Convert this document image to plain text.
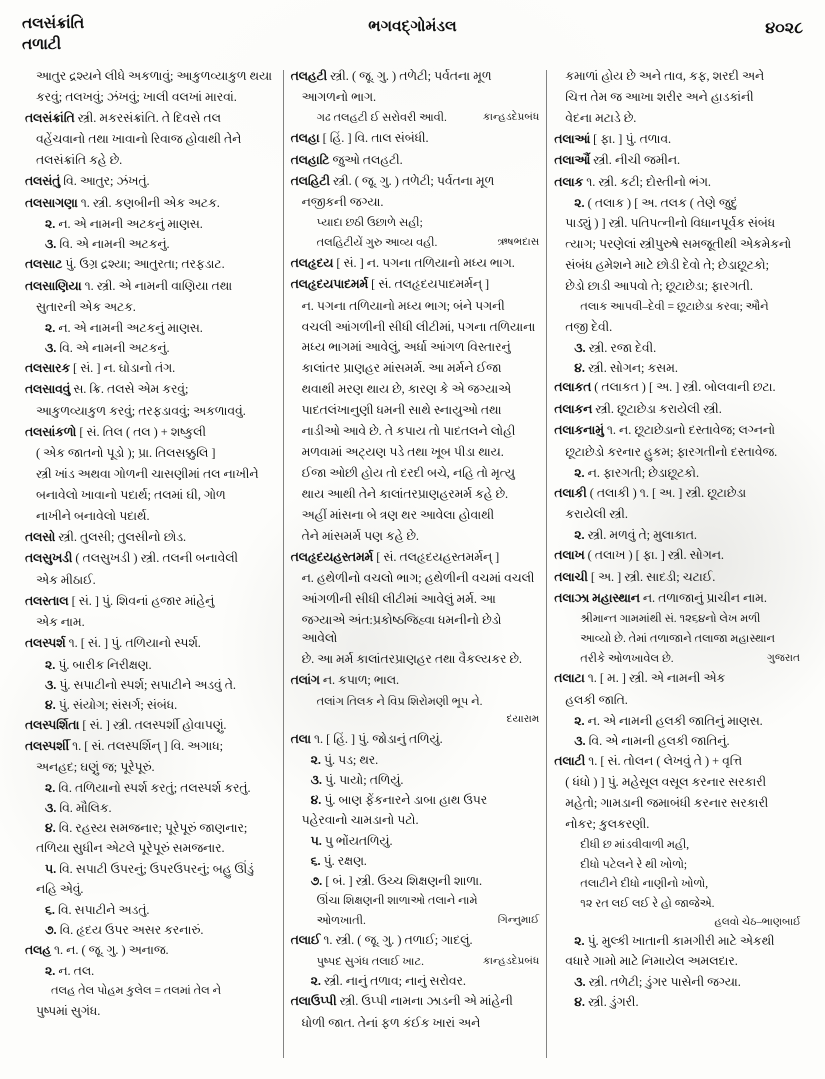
તલસંક્રાંતિ
તળાટી
ભગવદ્ગોમંડલ	૪૦૨૮
આતુર દ્રશ્યને લીધે અકળાવું; આકુળવ્યાકુળ થયા
કરવું; તલખવું; ઝંખવું; ખાલી વલખાં મારવાં.
તલસંક્રાંતિ સ્ત્રી. મકરસંક્રાંતિ. તે દિવસે તલ
વહેંચવાનો તથા ખાવાનો રિવાજ હોવાથી તેને
તલસંક્રાંતિ કહે છે.
તલસંતું વિ. આતુર; ઝંખતું.
તલસાગણા ૧. સ્ત્રી. કણબીની એક અટક.
૨. ન. એ નામની અટકનું માણસ.
૩. વિ. એ નામની અટકનું.
તલસાટ પું. ઉગ્ર દ્રશ્યા; આતુરતા; તરફડાટ.
તલસાણિયા ૧. સ્ત્રી. એ નામની વાણિયા તથા
સુતારની એક અટક.
૨. ન. એ નામની અટકનું માણસ.
૩. વિ. એ નામની અટકનું.
તલસારક [ સં. ] ન. ઘોડાનો તંગ.
તલસાવવું સ. ક્રિ. તલસે એમ કરવું;
આકુળવ્યાકુળ કરવું; તરફડાવવું; અકળાવવું.
તલસાંકળો [ સં. તિલ ( તલ ) + શષ્કુલી
( એક જાતનો પૂડો ); પ્રા. તિલસક્કુલિ ]
સ્ત્રી ખાંડ અથવા ગોળની ચાસણીમાં તલ નાખીને
બનાવેલો ખાવાનો પદાર્થ; તલમાં ઘી, ગોળ
નાખીને બનાવેલો પદાર્થ.
તલસો સ્ત્રી. તુલસી; તુલસીનો છોડ.
તલસુખડી ( તલસુખડી ) સ્ત્રી. તલની બનાવેલી
એક મીઠાઈ.
તલસ્તાલ [ સં. ] પું. શિવનાં હજાર માંહેનું
એક નામ.
તલસ્પર્શ ૧. [ સં. ] પું. તળિયાનો સ્પર્શ.
૨. પું. બારીક નિરીક્ષણ.
૩. પું. સપાટીનો સ્પર્શ; સપાટીને અડવું તે.
૪. પું. સંયોગ; સંસર્ગ; સંબંધ.
તલસ્પર્શિતા [ સં. ] સ્ત્રી. તલસ્પર્શી હોવાપણું.
તલસ્પર્શી ૧. [ સં. તલસ્પર્શિન્ ] વિ. અગાધ;
અનહદ; ઘણું જ; પૂરેપૂરું.
૨. વિ. તળિયાનો સ્પર્શ કરતું; તલસ્પર્શ કરતું.
૩. વિ. મૌલિક.
૪. વિ. રહસ્ય સમજનાર; પૂરેપૂરું જાણનાર;
તળિયા સુધીન એટલે પૂરેપૂરું સમજનાર.
૫. વિ. સપાટી ઉપરનું; ઉપરઉપરનું; બહુ ઊંડું
નહિ એવું.
૬. વિ. સપાટીને અડતું.
૭. વિ. હૃદય ઉપર અસર કરનારું.
તલહ ૧. ન. ( જૂ. ગુ. ) અનાજ.
૨. ન. તલ.
તલહ તેલ પોહમ કુલેલ = તલમાં તેલ ને
પુષ્પમાં સુગંધ.
તલહટી સ્ત્રી. ( જૂ. ગુ. ) તળેટી; પર્વતના મૂળ
આગળનો ભાગ.
કાન્હડદેપ્રબંધ
ગઢ તલહટી ઈ સરોવરી આવી.
તલહા [ હિં. ] વિ. તાલ સંબંધી.
તલહાટિ જુઓ તલહટી.
તલહિટી સ્ત્રી. ( જૂ. ગુ. ) તળેટી; પર્વતના મૂળ
નજીકની જગ્યા.
પ્યાદા છઠી ઉછાળે સહી;
ઋષભદાસ
તલહિટીયેં ગુરુ આવ્ય વહી.
તલહૃદય [ સં. ] ન. પગના તળિયાનો મધ્ય ભાગ.
તલહૃદયપાદમર્મ [ સં. તલહૃદયપાદમર્મન્ ]
ન. પગના તળિયાનો મધ્ય ભાગ; બંને પગની
વચલી આંગળીની સીધી લીટીમાં, પગના તળિયાના
મધ્ય ભાગમાં આવેલું, અર્ધા આંગળ વિસ્તારનું
કાલાંતર પ્રાણહર માંસમર્મ. આ મર્મને ઈજા
થવાથી મરણ થાય છે, કારણ કે એ જગ્યાએ
પાદતલંખાનુણી ધમની સાથે સ્નાયુઓ તથા
નાડીઓ આવે છે. તે કપાય તો પાદતલને લોહી
મળવામાં અટ્યણ પડે તથા ખૂબ પીડા થાય.
ઈજા ઓછી હોય તો દરદી બચે, નહિ તો મૃત્યુ
થાય આથી તેને કાલાંતરપ્રાણહરમર્મ કહે છે.
અહીં માંસના બે ત્રણ થર આવેલા હોવાથી
તેને માંસમર્મ પણ કહે છે.
તલહૃદયહસ્તમર્મ [ સં. તલહૃદયહસ્તમર્મન્ ]
ન. હથેળીનો વચલો ભાગ; હથેળીની વચમાં વચલી
આંગળીની સીધી લીટીમાં આવેલું મર્મ. આ
જગ્યાએ અંત:પ્રકોષ્ઠજિહ્વા ધમનીનો છેડો આવેલો
છે. આ મર્મ કાલાંતરપ્રાણહર તથા વૈકલ્યકર છે.
તલાંગ ન. કપાળ; ભાલ.
તલાંગ તિલક ને વિપ્ર શિરોમણી ભૂપ ને.
દયારામ
તલા ૧. [ હિં. ] પું. જોડાનું તળિયું.
૨. પું. પડ; થર.
૩. પું. પાયો; તળિયું.
૪. પું. બાણ ફેંકનારને ડાબા હાથ ઉપર
પહેરવાનો ચામડાનો પટો.
૫. પુ ભોંયતળિયું.
૬. પું. રક્ષણ.
૭. [ બં. ] સ્ત્રી. ઉચ્ચ શિક્ષણની શાળા.
ઊંચા શિક્ષણની શાળાઓ તલાને નામે
ગિન્નુમાઈ
ઓળખાતી.
તલાઈ ૧. સ્ત્રી. ( જૂ. ગુ. ) તળાઈ; ગાદલું.
કાન્હડદેપ્રબંધ
પુષ્પદ સુગંધ તલાઈ ખાટ.
૨. સ્ત્રી. નાનું તળાવ; નાનું સરોવર.
તલાઉપ્પી સ્ત્રી. ઉપ્પી નામના ઝાડની એ માંહેની
ધોળી જાત. તેનાં ફળ કંઈક ખારાં અને
કમાળાં હોય છે અને તાવ, કફ, શરદી અને
ચિત્ત તેમ જ આખા શરીર અને હાડકાંની
વેદના મટાડે છે.
તલાઆં [ ફા. ] પું. તળાવ.
તલાઔં સ્ત્રી. નીચી જમીન.
તલાક ૧. સ્ત્રી. કટી; દોસ્તીનો ભંગ.
૨. ( તલાક ) [ અ. તલક ( તેણે જુદું
પાડ્યું ) ] સ્ત્રી. પતિપત્નીનો વિધાનપૂર્વક સંબંધ
ત્યાગ; પરણેલાં સ્ત્રીપુરુષે સમજૂતીથી એકમેકનો
સંબંધ હમેશને માટે છોડી દેવો તે; છેડાછૂટકો;
છેડો છાડી આપવો તે; છૂટાછેડા; ફારગતી.
તલાક આપવી–દેવી = છૂટાછેડા કરવા; ઔને
તજી દેવી.
૩. સ્ત્રી. રજા દેવી.
૪. સ્ત્રી. સોગન; કસમ.
તલાકત ( તલાકત ) [ અ. ] સ્ત્રી. બોલવાની છટા.
તલાકન સ્ત્રી. છૂટાછેડા કરાયેલી સ્ત્રી.
તલાકનામું ૧. ન. છૂટાછેડાનો દસ્તાવેજ; લગ્નનો
છૂટાછેડો કરનાર હુકમ; ફારગતીનો દસ્તાવેજ.
૨. ન. ફારગતી; છેડાછૂટકો.
તલાકી ( તલાકી ) ૧. [ અ. ] સ્ત્રી. છૂટાછેડા
કરાયેલી સ્ત્રી.
૨. સ્ત્રી. મળવું તે; મુલાકાત.
તલાખ ( તલાખ ) [ ફા. ] સ્ત્રી. સોગન.
તલાચી [ અ. ] સ્ત્રી. સાદડી; ચટાઈ.
તલાઝા મહાસ્થાન ન. તળાજાનું પ્રાચીન નામ.
શ્રીમાન્ત ગામમાંથી સં. ૧૨૬૪નો લેખ મળી
આવ્યો છે. તેમાં તળાજાને તલાજા મહાસ્થાન
ગુજરાત
તરીકે ઓળખાવેલ છે.
તલાટા ૧. [ મ. ] સ્ત્રી. એ નામની એક
હલકી જાતિ.
૨. ન. એ નામની હલકી જાતિનું માણસ.
૩. વિ. એ નામની હલકી જાતિનું.
તલાટી ૧. [ સં. તોલન ( લેખવું તે ) + વૃત્તિ
( ધંધો ) ] પું. મહેસૂલ વસૂલ કરનાર સરકારી
મહેતો; ગામડાની જમાબંધી કરનાર સરકારી
નોકર; કુલકરણી.
દીધી છ માંડવીવાળી મહી,
દીધો પટેલને રે થી ખોળો;
તલાટીને દીધો નાણીનો ખોળો,
૧૨ રત લઈ લઈ રે હો જાજેએ.
હલવો ચેઠ–ભાણબાર્ઇ
૨. પું. મુલ્કી ખાતાની કામગીરી માટે એકથી
વધારે ગામો માટે નિમાયેલ અમલદાર.
૩. સ્ત્રી. તળેટી; ડુંગર પાસેની જગ્યા.
૪. સ્ત્રી. ડુંગરી.
